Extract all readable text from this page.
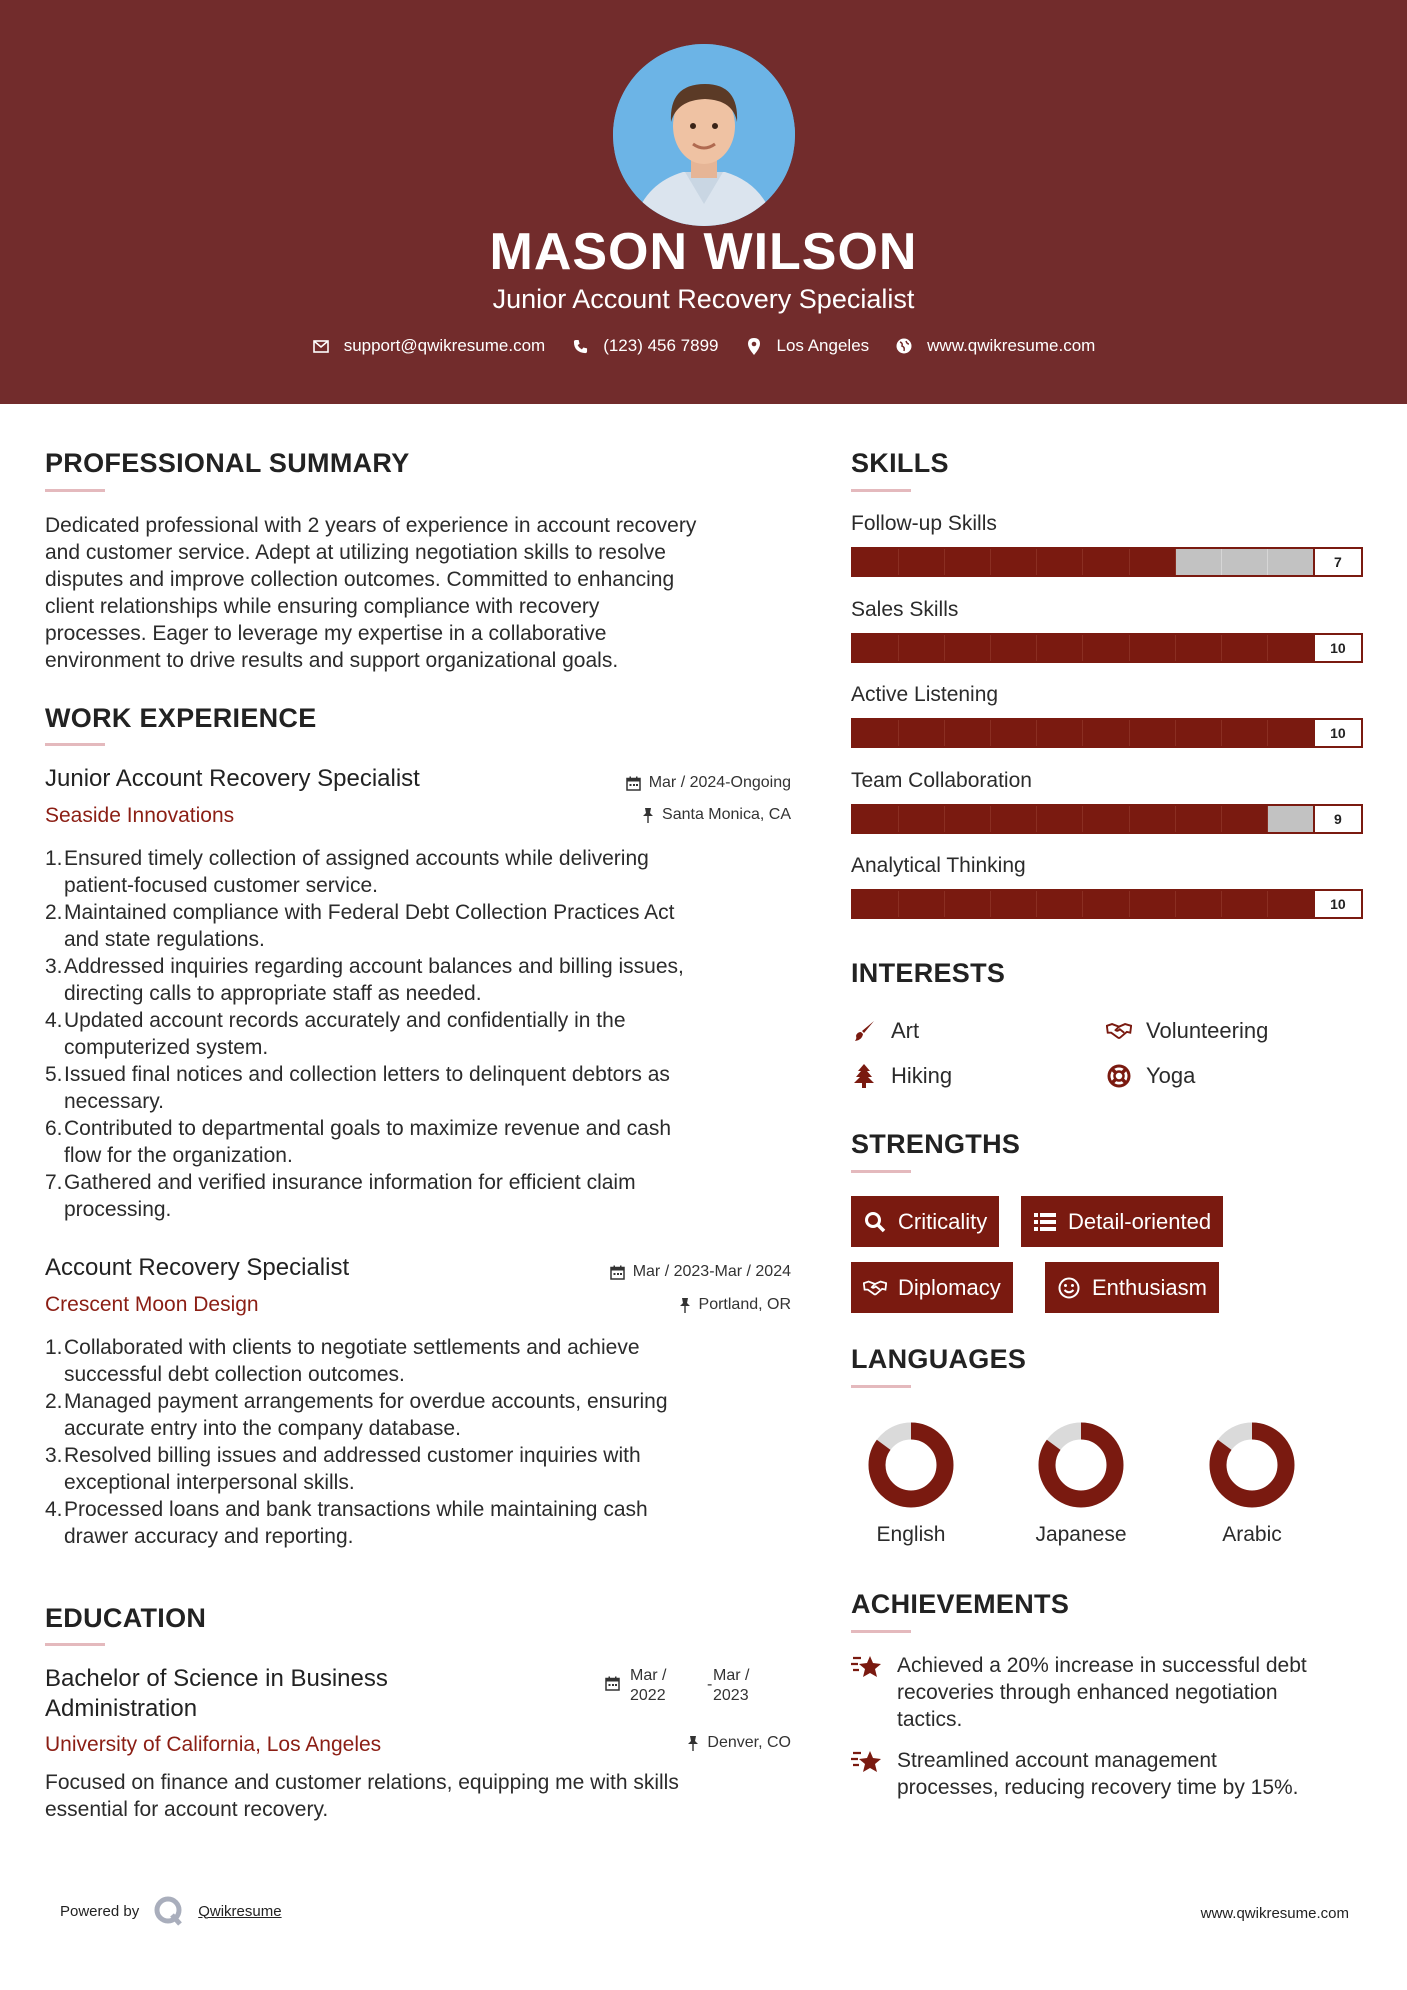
MASON WILSON
Junior Account Recovery Specialist
support@qwikresume.com	(123) 456 7899	Los Angeles	www.qwikresume.com
PROFESSIONAL SUMMARY
Dedicated professional with 2 years of experience in account recovery
and customer service. Adept at utilizing negotiation skills to resolve
disputes and improve collection outcomes. Committed to enhancing
client relationships while ensuring compliance with recovery
processes. Eager to leverage my expertise in a collaborative
environment to drive results and support organizational goals.
WORK EXPERIENCE
Junior Account Recovery Specialist
Seaside Innovations
Mar / 2024-Ongoing
Santa Monica, CA
1. Ensured timely collection of assigned accounts while delivering
patient-focused customer service.
2. Maintained compliance with Federal Debt Collection Practices Act
and state regulations.
3. Addressed inquiries regarding account balances and billing issues,
directing calls to appropriate staff as needed.
4. Updated account records accurately and confidentially in the
computerized system.
5. Issued final notices and collection letters to delinquent debtors as
necessary.
6. Contributed to departmental goals to maximize revenue and cash
flow for the organization.
7. Gathered and verified insurance information for efficient claim
processing.
Account Recovery Specialist
Crescent Moon Design
Mar / 2023-Mar / 2024
Portland, OR
1. Collaborated with clients to negotiate settlements and achieve
successful debt collection outcomes.
2. Managed payment arrangements for overdue accounts, ensuring
accurate entry into the company database.
3. Resolved billing issues and addressed customer inquiries with
exceptional interpersonal skills.
4. Processed loans and bank transactions while maintaining cash
drawer accuracy and reporting.
EDUCATION
Bachelor of Science in Business
Administration
Mar /
2022
-
Mar /
2023
University of California, Los Angeles	Denver, CO
Focused on finance and customer relations, equipping me with skills
essential for account recovery.
SKILLS
Follow-up Skills
7
Sales Skills
10
Active Listening
10
Team Collaboration
9
Analytical Thinking
10
INTERESTS
Art	Volunteering
Hiking	Yoga
STRENGTHS
Criticality	Detail-oriented
Diplomacy	Enthusiasm
LANGUAGES
English	Japanese	Arabic
ACHIEVEMENTS
Achieved a 20% increase in successful debt
recoveries through enhanced negotiation
tactics.
Streamlined account management
processes, reducing recovery time by 15%.
Powered by	Qwikresume	www.qwikresume.com
